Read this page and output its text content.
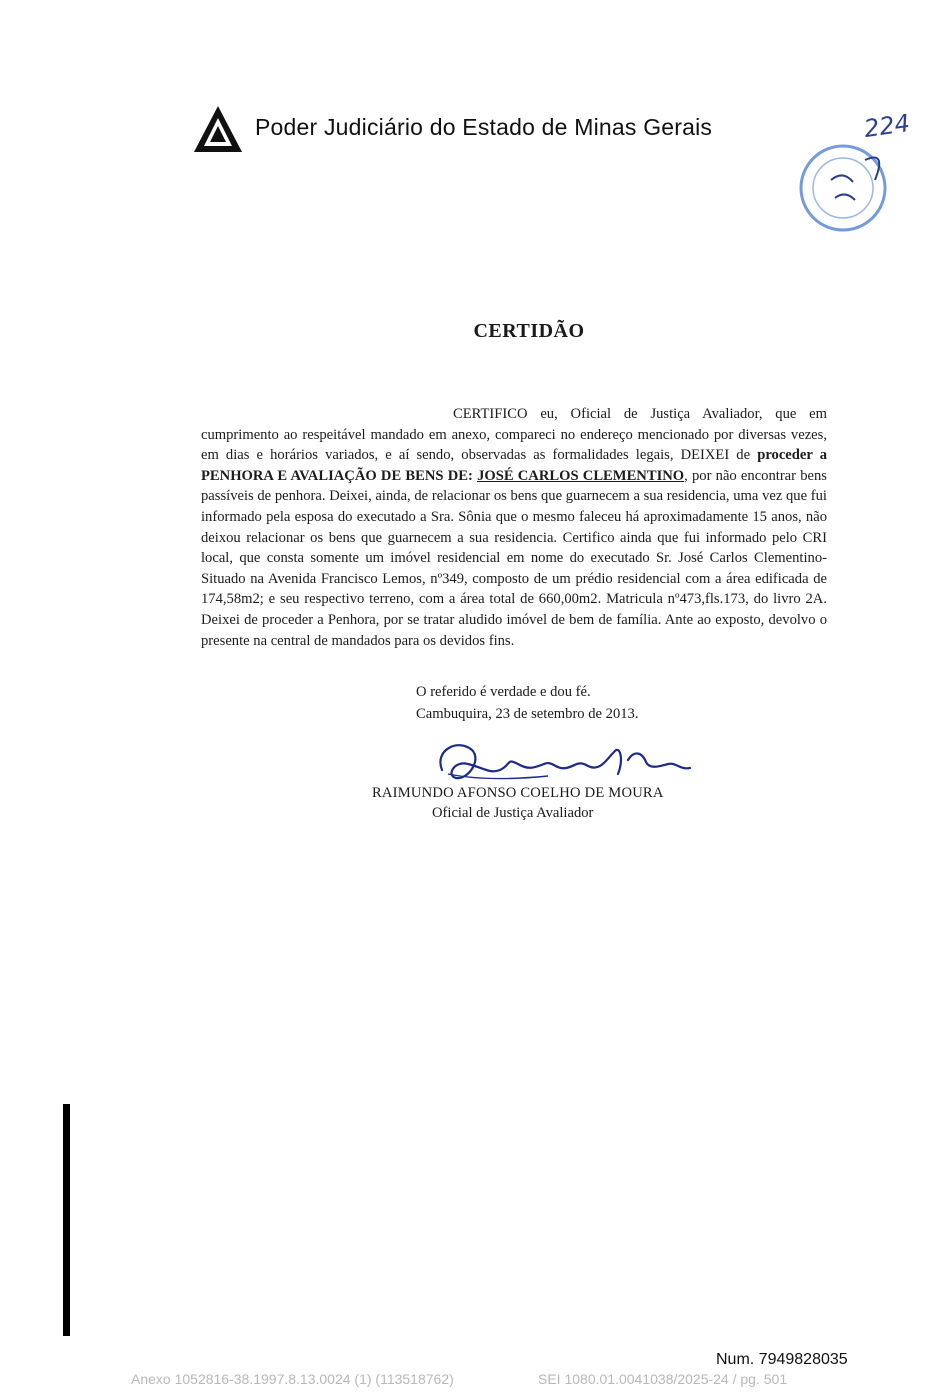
Poder Judiciário do Estado de Minas Gerais	224
CERTIDÃO

CERTIFICO eu, Oficial de Justiça Avaliador, que em cumprimento ao respeitável mandado em anexo, compareci no endereço mencionado por diversas vezes, em dias e horários variados, e aí sendo, observadas as formalidades legais, DEIXEI de proceder a PENHORA E AVALIAÇÃO DE BENS DE: JOSÉ CARLOS CLEMENTINO, por não encontrar bens passíveis de penhora. Deixei, ainda, de relacionar os bens que guarnecem a sua residencia, uma vez que fui informado pela esposa do executado a Sra. Sônia que o mesmo faleceu há aproximadamente 15 anos, não deixou relacionar os bens que guarnecem a sua residencia. Certifico ainda que fui informado pelo CRI local, que consta somente um imóvel residencial em nome do executado Sr. José Carlos Clementino- Situado na Avenida Francisco Lemos, nº349, composto de um prédio residencial com a área edificada de 174,58m2; e seu respectivo terreno, com a área total de 660,00m2. Matricula nº473,fls.173, do livro 2A. Deixei de proceder a Penhora, por se tratar aludido imóvel de bem de família. Ante ao exposto, devolvo o presente na central de mandados para os devidos fins.

O referido é verdade e dou fé.
Cambuquira, 23 de setembro de 2013.
RAIMUNDO AFONSO COELHO DE MOURA
Oficial de Justiça Avaliador
Num. 7949828035
Anexo 1052816-38.1997.8.13.0024 (1) (113518762)	SEI 1080.01.0041038/2025-24 / pg. 501
